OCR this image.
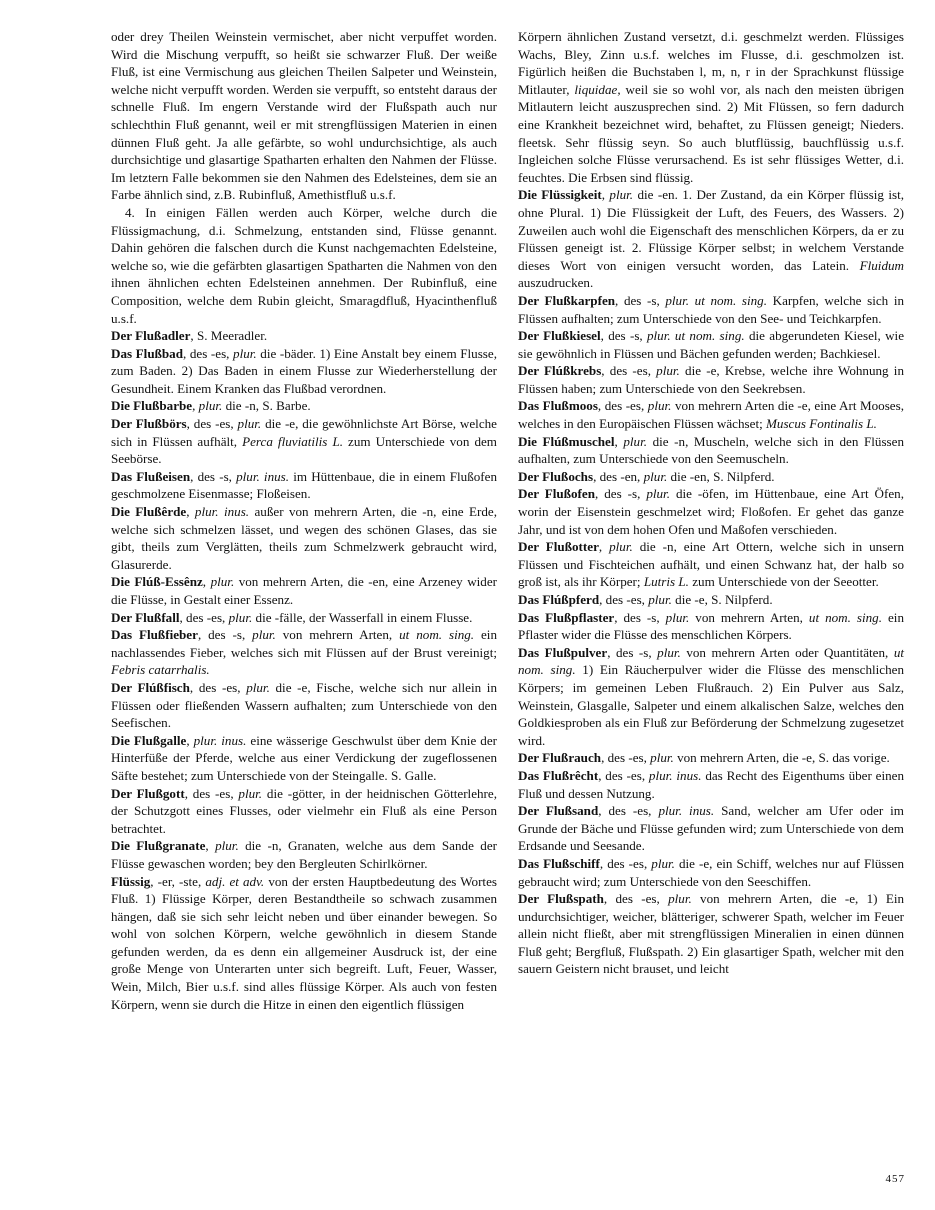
oder drey Theilen Weinstein vermischet, aber nicht verpuffet worden. Wird die Mischung verpufft, so heißt sie schwarzer Fluß. Der weiße Fluß, ist eine Vermischung aus gleichen Theilen Salpeter und Weinstein, welche nicht verpufft worden. Werden sie verpufft, so entsteht daraus der schnelle Fluß. Im engern Verstande wird der Flußspath auch nur schlechthin Fluß genannt, weil er mit strengflüssigen Materien in einen dünnen Fluß geht. Ja alle gefärbte, so wohl undurchsichtige, als auch durchsichtige und glasartige Spatharten erhalten den Nahmen der Flüsse. Im letztern Falle bekommen sie den Nahmen des Edelsteines, dem sie an Farbe ähnlich sind, z.B. Rubinfluß, Amethistfluß u.s.f.

4. In einigen Fällen werden auch Körper, welche durch die Flüssigmachung, d.i. Schmelzung, entstanden sind, Flüsse genannt. Dahin gehören die falschen durch die Kunst nachgemachten Edelsteine, welche so, wie die gefärbten glasartigen Spatharten die Nahmen von den ihnen ähnlichen echten Edelsteinen annehmen. Der Rubinfluß, eine Composition, welche dem Rubin gleicht, Smaragdfluß, Hyacinthenfluß u.s.f.

Der Flußadler, S. Meeradler.

Das Flußbad, des -es, plur. die -bäder. 1) Eine Anstalt bey einem Flusse, zum Baden. 2) Das Baden in einem Flusse zur Wiederherstellung der Gesundheit. Einem Kranken das Flußbad verordnen.

Die Flußbarbe, plur. die -n, S. Barbe.

Der Flußbörs, des -es, plur. die -e, die gewöhnlichste Art Börse, welche sich in Flüssen aufhält, Perca fluviatilis L. zum Unterschiede von dem Seebörse.

Das Flußeisen, des -s, plur. inus. im Hüttenbaue, die in einem Flußofen geschmolzene Eisenmasse; Floßeisen.

Die Flußêrde, plur. inus. außer von mehrern Arten, die -n, eine Erde, welche sich schmelzen lässet, und wegen des schönen Glases, das sie gibt, theils zum Verglätten, theils zum Schmelzwerk gebraucht wird, Glasurerde.

Die Flúß-Essênz, plur. von mehrern Arten, die -en, eine Arzeney wider die Flüsse, in Gestalt einer Essenz.

Der Flußfall, des -es, plur. die -fälle, der Wasserfall in einem Flusse.

Das Flußfieber, des -s, plur. von mehrern Arten, ut nom. sing. ein nachlassendes Fieber, welches sich mit Flüssen auf der Brust vereinigt; Febris catarrhalis.

Der Flúßfisch, des -es, plur. die -e, Fische, welche sich nur allein in Flüssen oder fließenden Wassern aufhalten; zum Unterschiede von den Seefischen.

Die Flußgalle, plur. inus. eine wässerige Geschwulst über dem Knie der Hinterfüße der Pferde, welche aus einer Verdickung der zugeflossenen Säfte bestehet; zum Unterschiede von der Steingalle. S. Galle.

Der Flußgott, des -es, plur. die -götter, in der heidnischen Götterlehre, der Schutzgott eines Flusses, oder vielmehr ein Fluß als eine Person betrachtet.

Die Flußgranate, plur. die -n, Granaten, welche aus dem Sande der Flüsse gewaschen worden; bey den Bergleuten Schirlkörner.

Flüssig, -er, -ste, adj. et adv. von der ersten Hauptbedeutung des Wortes Fluß. 1) Flüssige Körper, deren Bestandtheile so schwach zusammen hängen, daß sie sich sehr leicht neben und über einander bewegen. So wohl von solchen Körpern, welche gewöhnlich in diesem Stande gefunden werden, da es denn ein allgemeiner Ausdruck ist, der eine große Menge von Unterarten unter sich begreift. Luft, Feuer, Wasser, Wein, Milch, Bier u.s.f. sind alles flüssige Körper. Als auch von festen Körpern, wenn sie durch die Hitze in einen den eigentlich flüssigen

Körpern ähnlichen Zustand versetzt, d.i. geschmelzt werden. Flüssiges Wachs, Bley, Zinn u.s.f. welches im Flusse, d.i. geschmolzen ist. Figürlich heißen die Buchstaben l, m, n, r in der Sprachkunst flüssige Mitlauter, liquidae, weil sie so wohl vor, als nach den meisten übrigen Mitlautern leicht auszusprechen sind. 2) Mit Flüssen, so fern dadurch eine Krankheit bezeichnet wird, behaftet, zu Flüssen geneigt; Nieders. fleetsk. Sehr flüssig seyn. So auch blutflüssig, bauchflüssig u.s.f. Ingleichen solche Flüsse verursachend. Es ist sehr flüssiges Wetter, d.i. feuchtes. Die Erbsen sind flüssig.

Die Flüssigkeit, plur. die -en. 1. Der Zustand, da ein Körper flüssig ist, ohne Plural. 1) Die Flüssigkeit der Luft, des Feuers, des Wassers. 2) Zuweilen auch wohl die Eigenschaft des menschlichen Körpers, da er zu Flüssen geneigt ist. 2. Flüssige Körper selbst; in welchem Verstande dieses Wort von einigen versucht worden, das Latein. Fluidum auszudrucken.

Der Flußkarpfen, des -s, plur. ut nom. sing. Karpfen, welche sich in Flüssen aufhalten; zum Unterschiede von den See- und Teichkarpfen.

Der Flußkiesel, des -s, plur. ut nom. sing. die abgerundeten Kiesel, wie sie gewöhnlich in Flüssen und Bächen gefunden werden; Bachkiesel.

Der Flúßkrebs, des -es, plur. die -e, Krebse, welche ihre Wohnung in Flüssen haben; zum Unterschiede von den Seekrebsen.

Das Flußmoos, des -es, plur. von mehrern Arten die -e, eine Art Mooses, welches in den Europäischen Flüssen wächset; Muscus Fontinalis L.

Die Flúßmuschel, plur. die -n, Muscheln, welche sich in den Flüssen aufhalten, zum Unterschiede von den Seemuscheln.

Der Flußochs, des -en, plur. die -en, S. Nilpferd.

Der Flußofen, des -s, plur. die -öfen, im Hüttenbaue, eine Art Öfen, worin der Eisenstein geschmelzet wird; Floßofen. Er gehet das ganze Jahr, und ist von dem hohen Ofen und Maßofen verschieden.

Der Flußotter, plur. die -n, eine Art Ottern, welche sich in unsern Flüssen und Fischteichen aufhält, und einen Schwanz hat, der halb so groß ist, als ihr Körper; Lutris L. zum Unterschiede von der Seeotter.

Das Flúßpferd, des -es, plur. die -e, S. Nilpferd.

Das Flußpflaster, des -s, plur. von mehrern Arten, ut nom. sing. ein Pflaster wider die Flüsse des menschlichen Körpers.

Das Flußpulver, des -s, plur. von mehrern Arten oder Quantitäten, ut nom. sing. 1) Ein Räucherpulver wider die Flüsse des menschlichen Körpers; im gemeinen Leben Flußrauch. 2) Ein Pulver aus Salz, Weinstein, Glasgalle, Salpeter und einem alkalischen Salze, welches den Goldkiesproben als ein Fluß zur Beförderung der Schmelzung zugesetzet wird.

Der Flußrauch, des -es, plur. von mehrern Arten, die -e, S. das vorige.

Das Flußrêcht, des -es, plur. inus. das Recht des Eigenthums über einen Fluß und dessen Nutzung.

Der Flußsand, des -es, plur. inus. Sand, welcher am Ufer oder im Grunde der Bäche und Flüsse gefunden wird; zum Unterschiede von dem Erdsande und Seesande.

Das Flußschiff, des -es, plur. die -e, ein Schiff, welches nur auf Flüssen gebraucht wird; zum Unterschiede von den Seeschiffen.

Der Flußspath, des -es, plur. von mehrern Arten, die -e, 1) Ein undurchsichtiger, weicher, blätteriger, schwerer Spath, welcher im Feuer allein nicht fließt, aber mit strengflüssigen Mineralien in einen dünnen Fluß geht; Bergfluß, Flußspath. 2) Ein glasartiger Spath, welcher mit den sauern Geistern nicht brauset, und leicht

457
